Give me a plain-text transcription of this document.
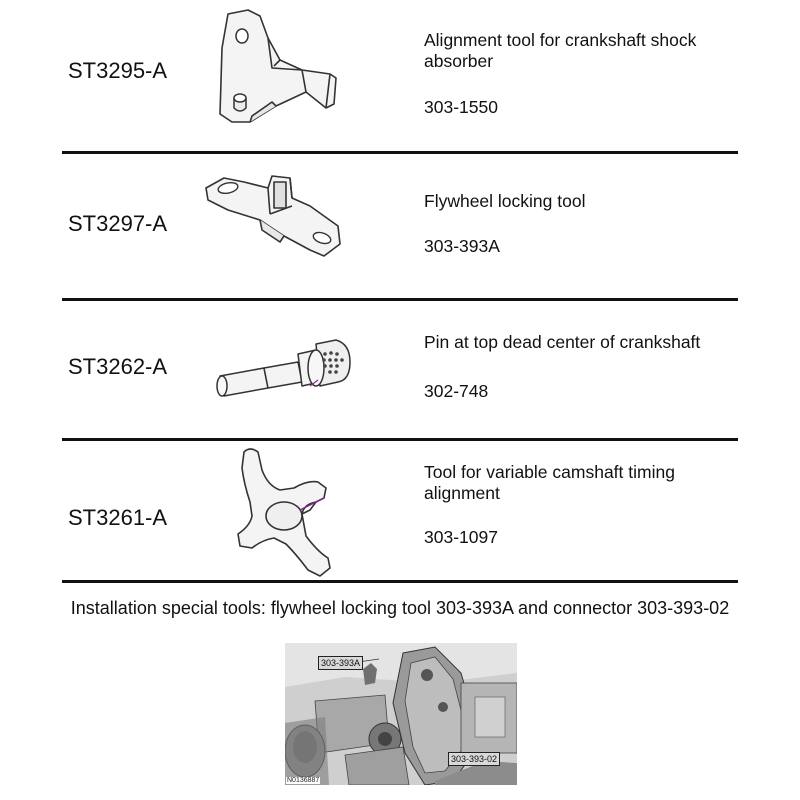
ST3295-A
Alignment tool for crankshaft shock absorber
303-1550
ST3297-A
Flywheel locking tool
303-393A
ST3262-A
Pin at top dead center of crankshaft
302-748
ST3261-A
Tool for variable camshaft timing alignment
303-1097
Installation special tools: flywheel locking tool 303-393A and connector 303-393-02
303-393A
303-393-02
N0136887
